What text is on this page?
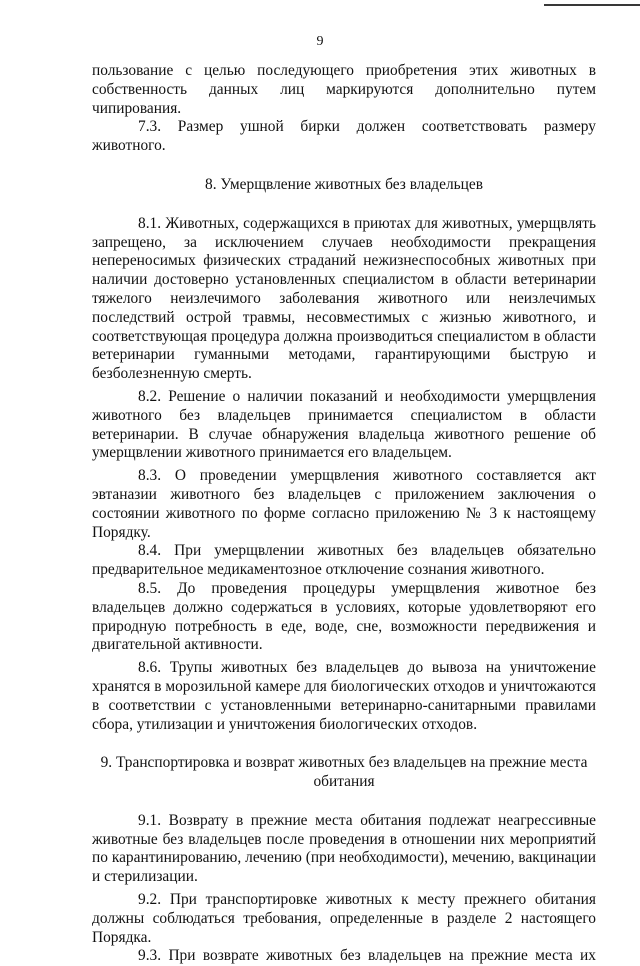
9

пользование с целью последующего приобретения этих животных в собственность данных лиц маркируются дополнительно путем чипирования.

7.3. Размер ушной бирки должен соответствовать размеру животного.

8. Умерщвление животных без владельцев

8.1. Животных, содержащихся в приютах для животных, умерщвлять запрещено, за исключением случаев необходимости прекращения непереносимых физических страданий нежизнеспособных животных при наличии достоверно установленных специалистом в области ветеринарии тяжелого неизлечимого заболевания животного или неизлечимых последствий острой травмы, несовместимых с жизнью животного, и соответствующая процедура должна производиться специалистом в области ветеринарии гуманными методами, гарантирующими быструю и безболезненную смерть.

8.2. Решение о наличии показаний и необходимости умерщвления животного без владельцев принимается специалистом в области ветеринарии. В случае обнаружения владельца животного решение об умерщвлении животного принимается его владельцем.

8.3. О проведении умерщвления животного составляется акт эвтаназии животного без владельцев с приложением заключения о состоянии животного по форме согласно приложению № 3 к настоящему Порядку.

8.4. При умерщвлении животных без владельцев обязательно предварительное медикаментозное отключение сознания животного.

8.5. До проведения процедуры умерщвления животное без владельцев должно содержаться в условиях, которые удовлетворяют его природную потребность в еде, воде, сне, возможности передвижения и двигательной активности.

8.6. Трупы животных без владельцев до вывоза на уничтожение хранятся в морозильной камере для биологических отходов и уничтожаются в соответствии с установленными ветеринарно-санитарными правилами сбора, утилизации и уничтожения биологических отходов.

9. Транспортировка и возврат животных без владельцев на прежние места обитания

9.1. Возврату в прежние места обитания подлежат неагрессивные животные без владельцев после проведения в отношении них мероприятий по карантинированию, лечению (при необходимости), мечению, вакцинации и стерилизации.

9.2. При транспортировке животных к месту прежнего обитания должны соблюдаться требования, определенные в разделе 2 настоящего Порядка.

9.3. При возврате животных без владельцев на прежние места их
